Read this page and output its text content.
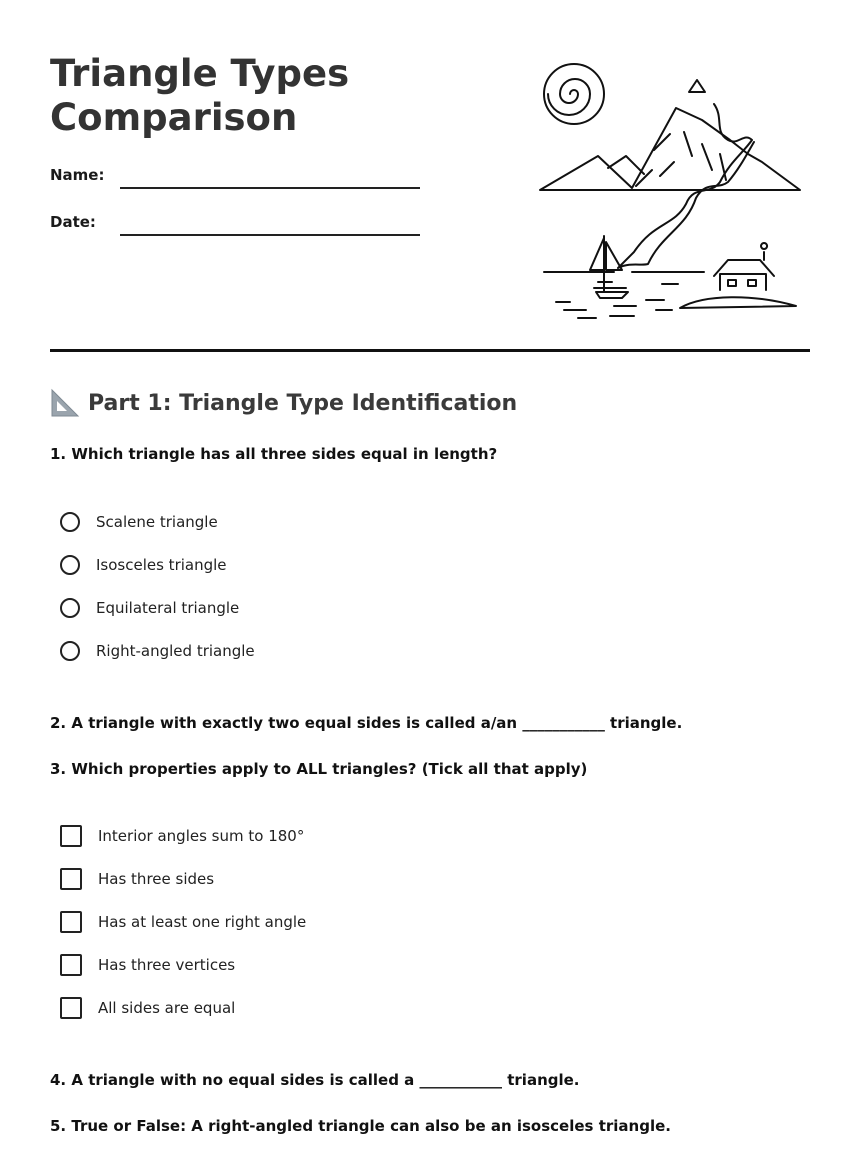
Triangle Types Comparison
Name:
Date:
Part 1: Triangle Type Identification
1. Which triangle has all three sides equal in length?
Scalene triangle
Isosceles triangle
Equilateral triangle
Right-angled triangle
2. A triangle with exactly two equal sides is called a/an ___________ triangle.
3. Which properties apply to ALL triangles? (Tick all that apply)
Interior angles sum to 180°
Has three sides
Has at least one right angle
Has three vertices
All sides are equal
4. A triangle with no equal sides is called a ___________ triangle.
5. True or False: A right-angled triangle can also be an isosceles triangle.
